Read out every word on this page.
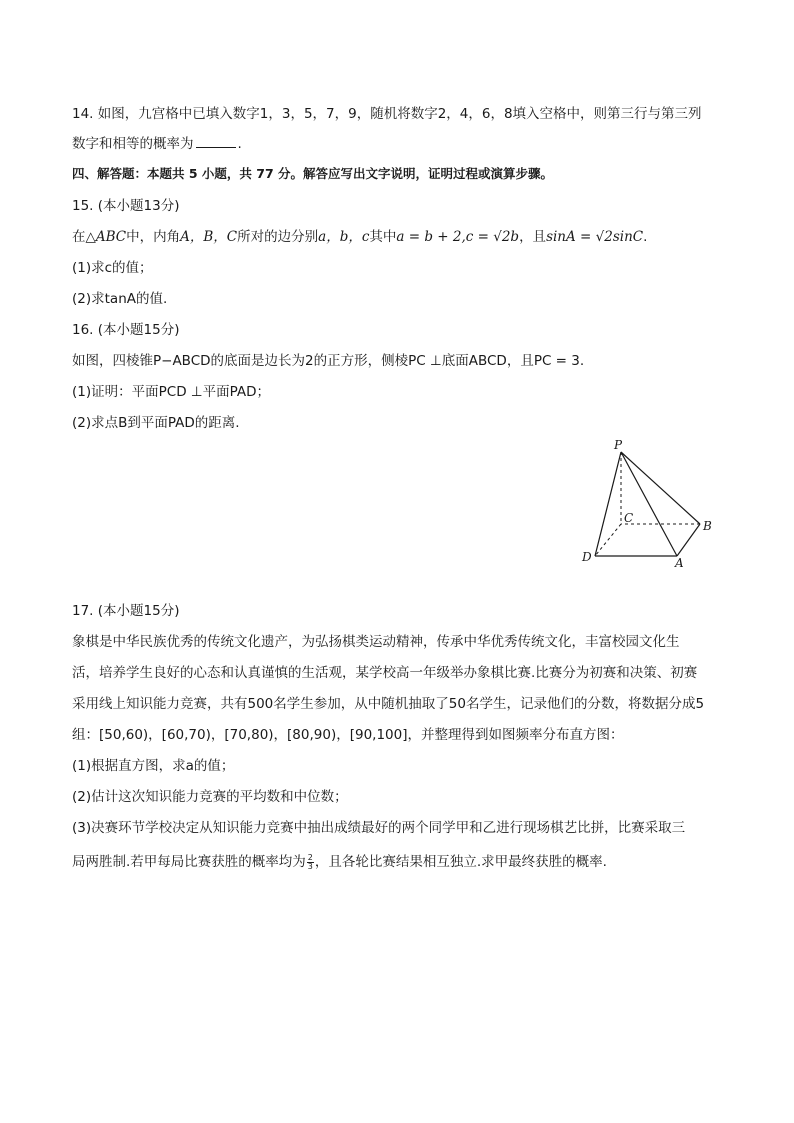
14. 如图，九宫格中已填入数字1，3，5，7，9，随机将数字2，4，6，8填入空格中，则第三行与第三列
数字和相等的概率为	.
四、解答题：本题共 5 小题，共 77 分。解答应写出文字说明，证明过程或演算步骤。
15. (本小题13分)
在△ABC中，内角A，B，C所对的边分别a，b，c其中a = b + 2,c = √2b，且sinA = √2sinC.
(1)求c的值；
(2)求tanA的值.
16. (本小题15分)
如图，四棱锥P−ABCD的底面是边长为2的正方形，侧棱PC ⊥底面ABCD，且PC = 3.
(1)证明：平面PCD ⊥平面PAD；
(2)求点B到平面PAD的距离.
P
C
B
D	A
17. (本小题15分)
象棋是中华民族优秀的传统文化遗产，为弘扬棋类运动精神，传承中华优秀传统文化，丰富校园文化生
活，培养学生良好的心态和认真谨慎的生活观，某学校高一年级举办象棋比赛.比赛分为初赛和决策、初赛
采用线上知识能力竞赛，共有500名学生参加，从中随机抽取了50名学生，记录他们的分数，将数据分成5
组：[50,60)，[60,70)，[70,80)，[80,90)，[90,100]，并整理得到如图频率分布直方图：
(1)根据直方图，求a的值；
(2)估计这次知识能力竞赛的平均数和中位数；
(3)决赛环节学校决定从知识能力竞赛中抽出成绩最好的两个同学甲和乙进行现场棋艺比拼，比赛采取三
局两胜制.若甲每局比赛获胜的概率均为 $\frac{2}{3}$ ，且各轮比赛结果相互独立.求甲最终获胜的概率.
